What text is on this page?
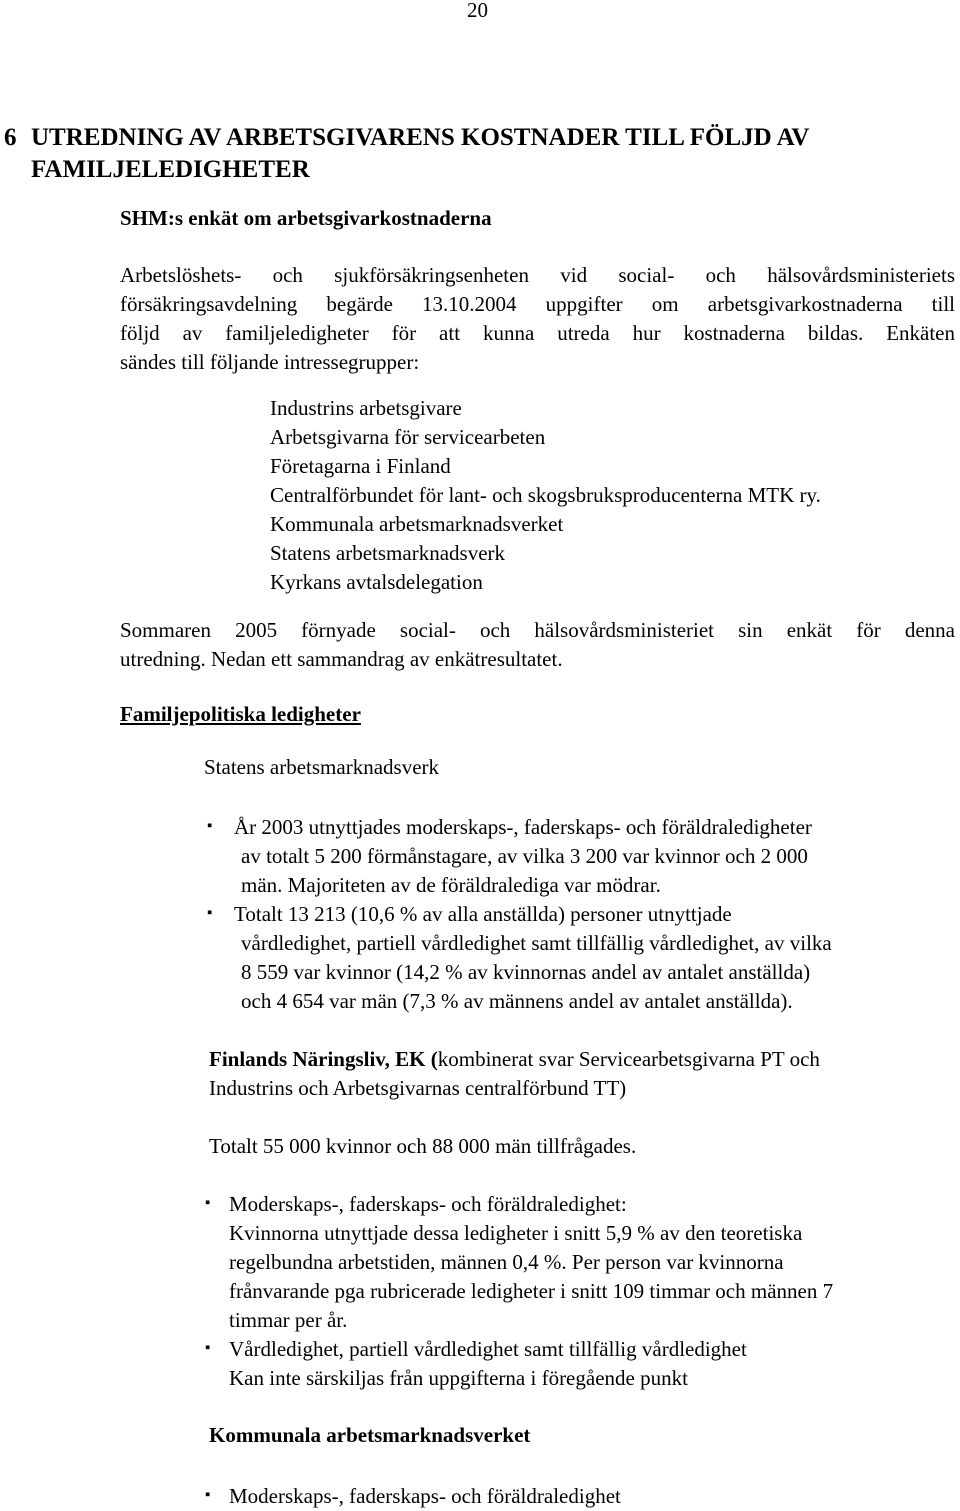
20
6 UTREDNING AV ARBETSGIVARENS KOSTNADER TILL FÖLJD AV
FAMILJELEDIGHETER
SHM:s enkät om arbetsgivarkostnaderna
Arbetslöshets- och sjukförsäkringsenheten vid social- och hälsovårdsministeriets
försäkringsavdelning begärde 13.10.2004 uppgifter om arbetsgivarkostnaderna till
följd av familjeledigheter för att kunna utreda hur kostnaderna bildas. Enkäten
sändes till följande intressegrupper:
Industrins arbetsgivare
Arbetsgivarna för servicearbeten
Företagarna i Finland
Centralförbundet för lant- och skogsbruksproducenterna MTK ry.
Kommunala arbetsmarknadsverket
Statens arbetsmarknadsverk
Kyrkans avtalsdelegation
Sommaren 2005 förnyade social- och hälsovårdsministeriet sin enkät för denna
utredning. Nedan ett sammandrag av enkätresultatet.
Familjepolitiska ledigheter
Statens arbetsmarknadsverk
▪ År 2003 utnyttjades moderskaps-, faderskaps- och föräldraledigheter
av totalt 5 200 förmånstagare, av vilka 3 200 var kvinnor och 2 000
män. Majoriteten av de föräldralediga var mödrar.
▪ Totalt 13 213 (10,6 % av alla anställda) personer utnyttjade
vårdledighet, partiell vårdledighet samt tillfällig vårdledighet, av vilka
8 559 var kvinnor (14,2 % av kvinnornas andel av antalet anställda)
och 4 654 var män (7,3 % av männens andel av antalet anställda).
Finlands Näringsliv, EK (kombinerat svar Servicearbetsgivarna PT och
Industrins och Arbetsgivarnas centralförbund TT)
Totalt 55 000 kvinnor och 88 000 män tillfrågades.
▪ Moderskaps-, faderskaps- och föräldraledighet:
Kvinnorna utnyttjade dessa ledigheter i snitt 5,9 % av den teoretiska
regelbundna arbetstiden, männen 0,4 %. Per person var kvinnorna
frånvarande pga rubricerade ledigheter i snitt 109 timmar och männen 7
timmar per år.
▪ Vårdledighet, partiell vårdledighet samt tillfällig vårdledighet
Kan inte särskiljas från uppgifterna i föregående punkt
Kommunala arbetsmarknadsverket
▪ Moderskaps-, faderskaps- och föräldraledighet
